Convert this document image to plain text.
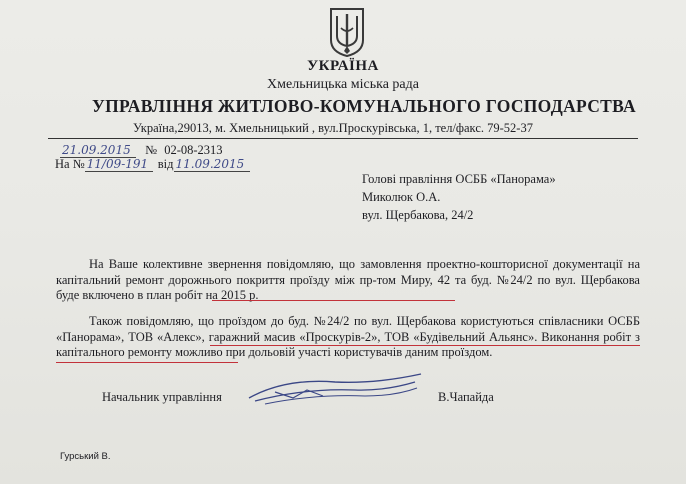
УКРАЇНА
Хмельницька міська рада
УПРАВЛІННЯ ЖИТЛОВО-КОМУНАЛЬНОГО ГОСПОДАРСТВА
Україна,29013, м. Хмельницький , вул.Проскурівська, 1, тел/факс. 79-52-37
21.09.2015 № 02-08-2313
На № 11/09-191 від 11.09.2015
Голові правління ОСББ «Панорама»
Миколюк О.А.
вул. Щербакова, 24/2

На Ваше колективне звернення повідомляю, що замовлення проектно-кошторисної документації на капітальний ремонт дорожнього покриття проїзду між пр-том Миру, 42 та буд. №24/2 по вул. Щербакова буде включено в план робіт на 2015 р.

Також повідомляю, що проїздом до буд. №24/2 по вул. Щербакова користуються співласники ОСББ «Панорама», ТОВ «Алекс», гаражний масив «Проскурів-2», ТОВ «Будівельний Альянс». Виконання робіт з капітального ремонту можливо при дольовій участі користувачів даним проїздом.

Начальник управління	В.Чапайда
Гурський В.
